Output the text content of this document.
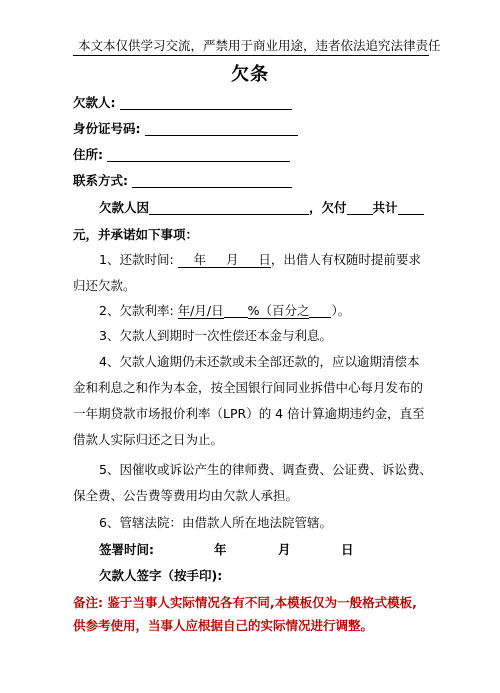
本文本仅供学习交流，严禁用于商业用途，违者依法追究法律责任
欠条
欠款人:
身份证号码:
住所:
联系方式:
欠款人因	，欠付 共计
元，并承诺如下事项：
1、还款时间: 年 月 日，出借人有权随时提前要求
归还欠款。
2、欠款利率: 年/月/日 %（百分之 ）。
3、欠款人到期时一次性偿还本金与利息。
4、欠款人逾期仍未还款或未全部还款的，应以逾期清偿本
金和利息之和作为本金，按全国银行间同业拆借中心每月发布的
一年期贷款市场报价利率（LPR）的 4 倍计算逾期违约金，直至
借款人实际归还之日为止。
5、因催收或诉讼产生的律师费、调查费、公证费、诉讼费、
保全费、公告费等费用均由欠款人承担。
6、管辖法院：由借款人所在地法院管辖。
签署时间:	年	月	日
欠款人签字（按手印):
备注: 鉴于当事人实际情况各有不同,本模板仅为一般格式模板,
供参考使用，当事人应根据自己的实际情况进行调整。
